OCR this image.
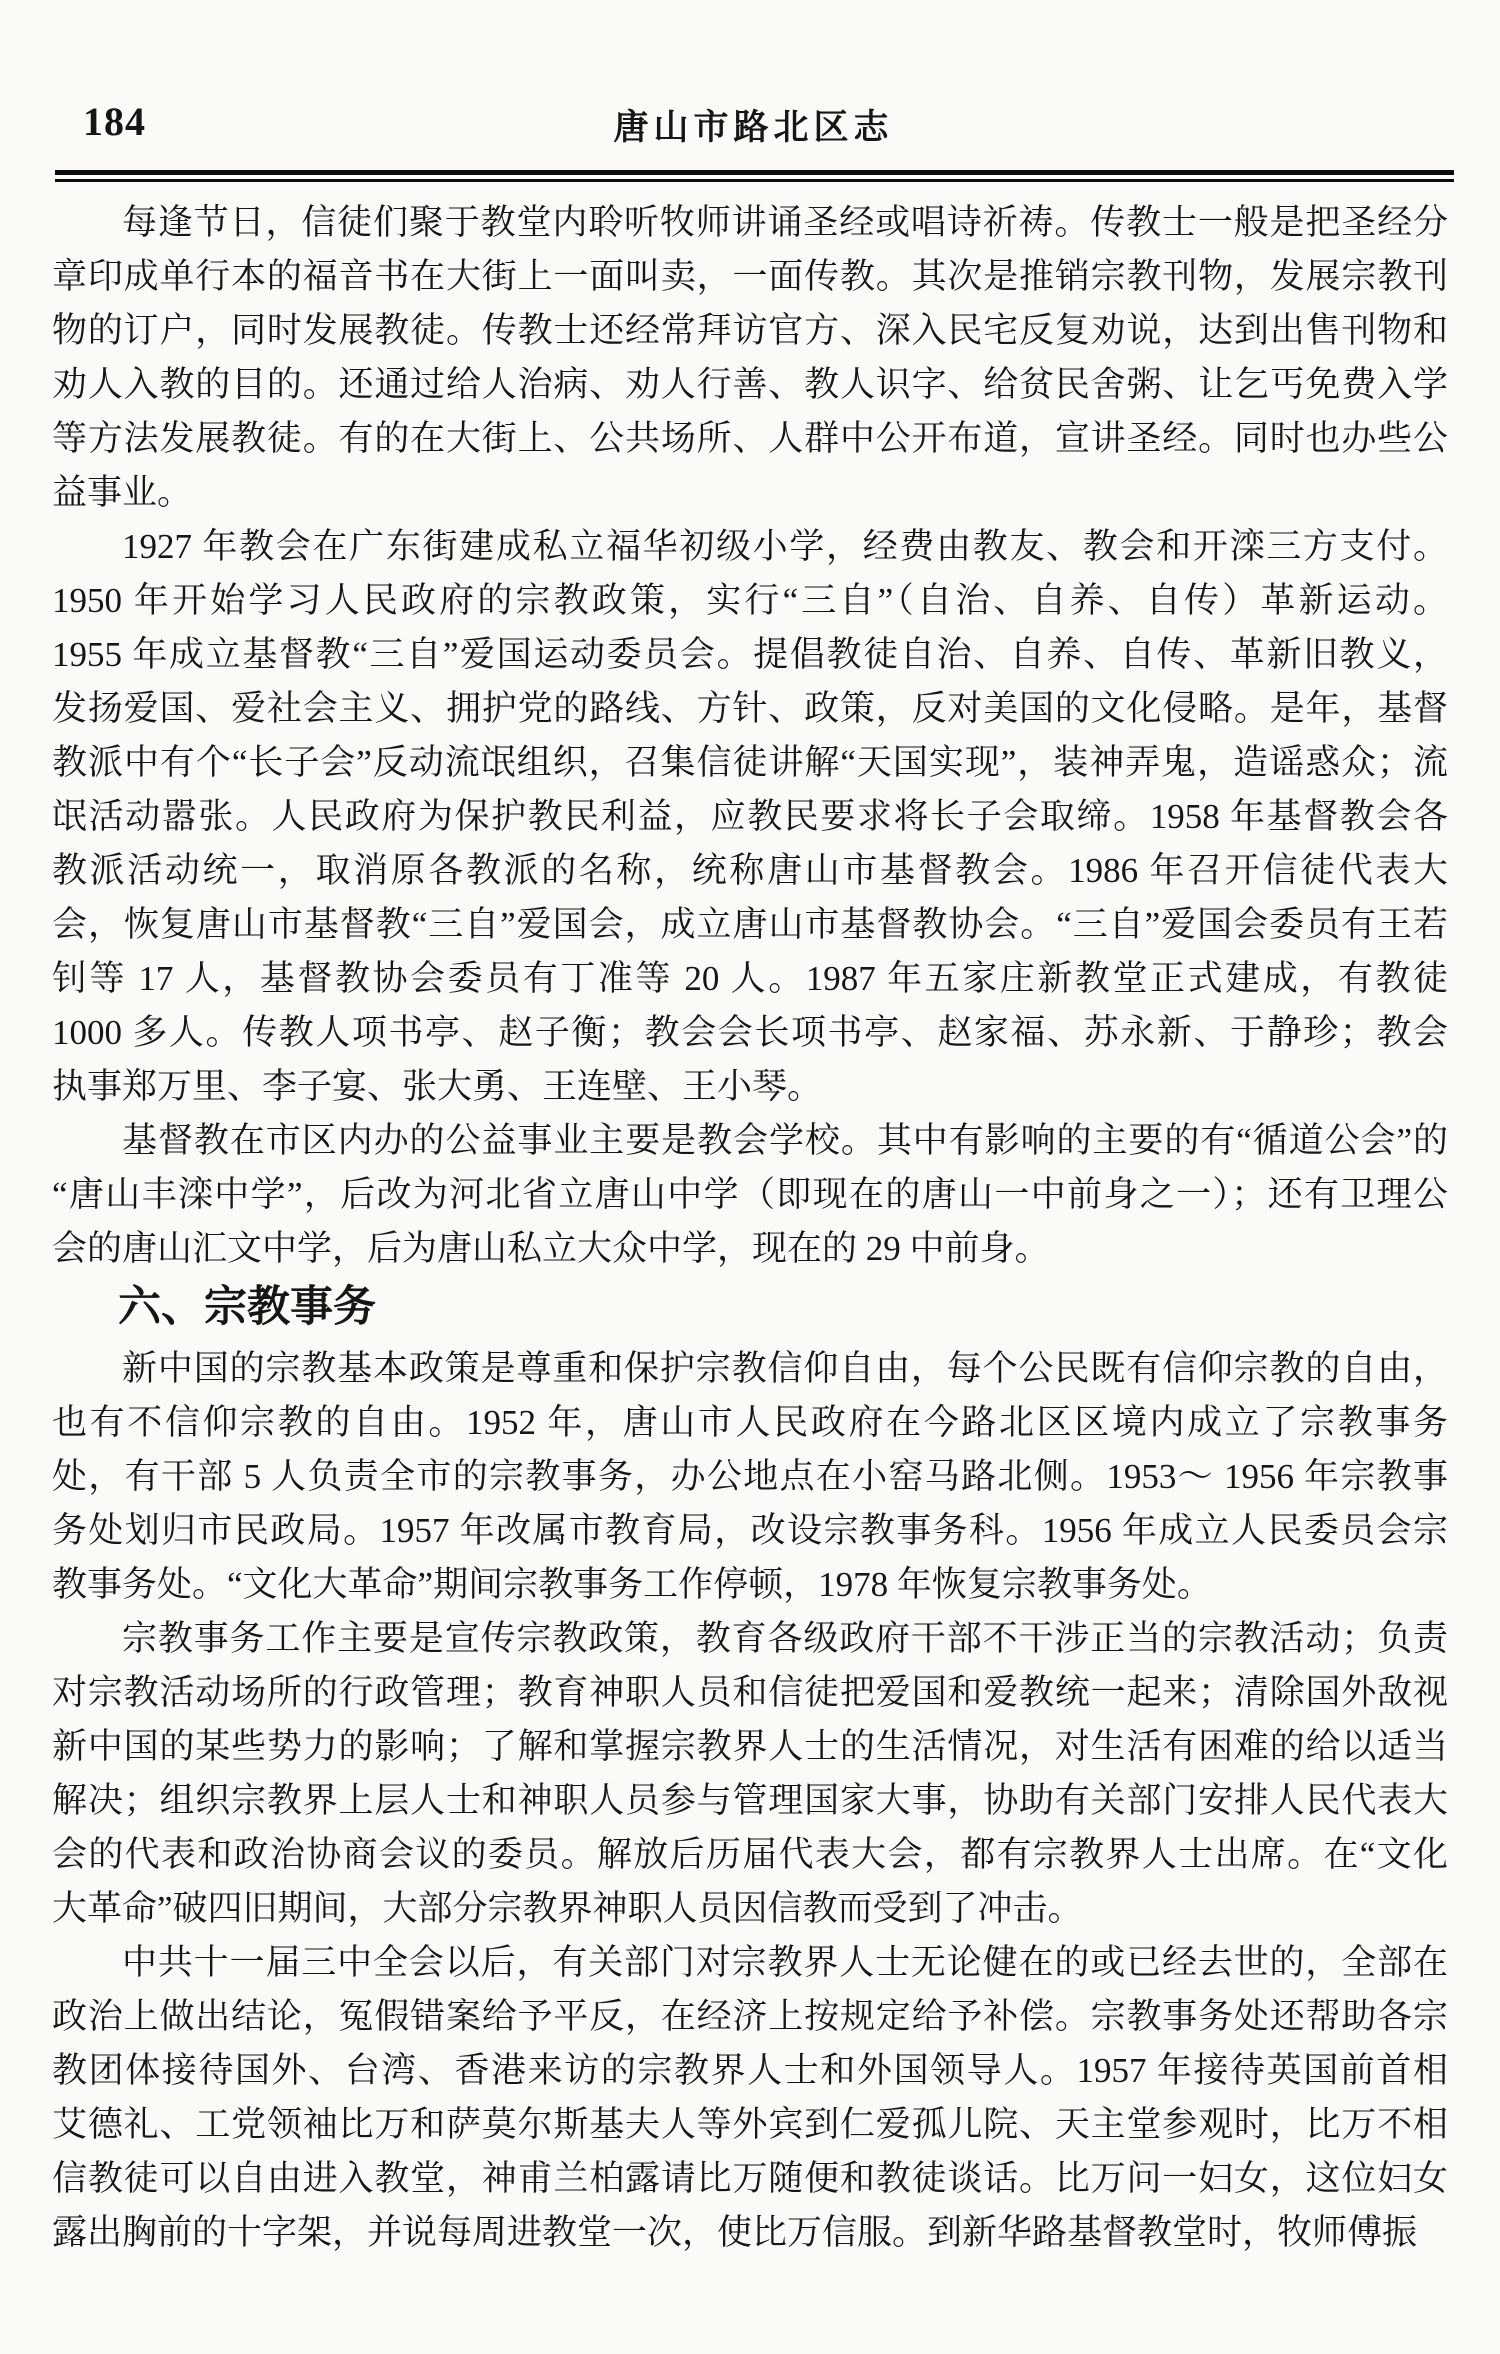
184	唐山市路北区志
每逢节日，信徒们聚于教堂内聆听牧师讲诵圣经或唱诗祈祷。传教士一般是把圣经分
章印成单行本的福音书在大街上一面叫卖，一面传教。其次是推销宗教刊物，发展宗教刊
物的订户，同时发展教徒。传教士还经常拜访官方、深入民宅反复劝说，达到出售刊物和
劝人入教的目的。还通过给人治病、劝人行善、教人识字、给贫民舍粥、让乞丐免费入学
等方法发展教徒。有的在大街上、公共场所、人群中公开布道，宣讲圣经。同时也办些公
益事业。
1927 年教会在广东街建成私立福华初级小学，经费由教友、教会和开滦三方支付。
1950 年开始学习人民政府的宗教政策，实行“三自”（自治、自养、自传）革新运动。
1955 年成立基督教“三自”爱国运动委员会。提倡教徒自治、自养、自传、革新旧教义，
发扬爱国、爱社会主义、拥护党的路线、方针、政策，反对美国的文化侵略。是年，基督
教派中有个“长子会”反动流氓组织，召集信徒讲解“天国实现”，装神弄鬼，造谣惑众；流
氓活动嚣张。人民政府为保护教民利益，应教民要求将长子会取缔。1958 年基督教会各
教派活动统一，取消原各教派的名称，统称唐山市基督教会。1986 年召开信徒代表大
会，恢复唐山市基督教“三自”爱国会，成立唐山市基督教协会。“三自”爱国会委员有王若
钊等 17 人，基督教协会委员有丁准等 20 人。1987 年五家庄新教堂正式建成，有教徒
1000 多人。传教人项书亭、赵子衡；教会会长项书亭、赵家福、苏永新、于静珍；教会
执事郑万里、李子宴、张大勇、王连壁、王小琴。
基督教在市区内办的公益事业主要是教会学校。其中有影响的主要的有“循道公会”的
“唐山丰滦中学”，后改为河北省立唐山中学（即现在的唐山一中前身之一）；还有卫理公
会的唐山汇文中学，后为唐山私立大众中学，现在的 29 中前身。
六、宗教事务
新中国的宗教基本政策是尊重和保护宗教信仰自由，每个公民既有信仰宗教的自由，
也有不信仰宗教的自由。1952 年，唐山市人民政府在今路北区区境内成立了宗教事务
处，有干部 5 人负责全市的宗教事务，办公地点在小窑马路北侧。1953～ 1956 年宗教事
务处划归市民政局。1957 年改属市教育局，改设宗教事务科。1956 年成立人民委员会宗
教事务处。“文化大革命”期间宗教事务工作停顿，1978 年恢复宗教事务处。
宗教事务工作主要是宣传宗教政策，教育各级政府干部不干涉正当的宗教活动；负责
对宗教活动场所的行政管理；教育神职人员和信徒把爱国和爱教统一起来；清除国外敌视
新中国的某些势力的影响；了解和掌握宗教界人士的生活情况，对生活有困难的给以适当
解决；组织宗教界上层人士和神职人员参与管理国家大事，协助有关部门安排人民代表大
会的代表和政治协商会议的委员。解放后历届代表大会，都有宗教界人士出席。在“文化
大革命”破四旧期间，大部分宗教界神职人员因信教而受到了冲击。
中共十一届三中全会以后，有关部门对宗教界人士无论健在的或已经去世的，全部在
政治上做出结论，冤假错案给予平反，在经济上按规定给予补偿。宗教事务处还帮助各宗
教团体接待国外、台湾、香港来访的宗教界人士和外国领导人。1957 年接待英国前首相
艾德礼、工党领袖比万和萨莫尔斯基夫人等外宾到仁爱孤儿院、天主堂参观时，比万不相
信教徒可以自由进入教堂，神甫兰柏露请比万随便和教徒谈话。比万问一妇女，这位妇女
露出胸前的十字架，并说每周进教堂一次，使比万信服。到新华路基督教堂时，牧师傅振
